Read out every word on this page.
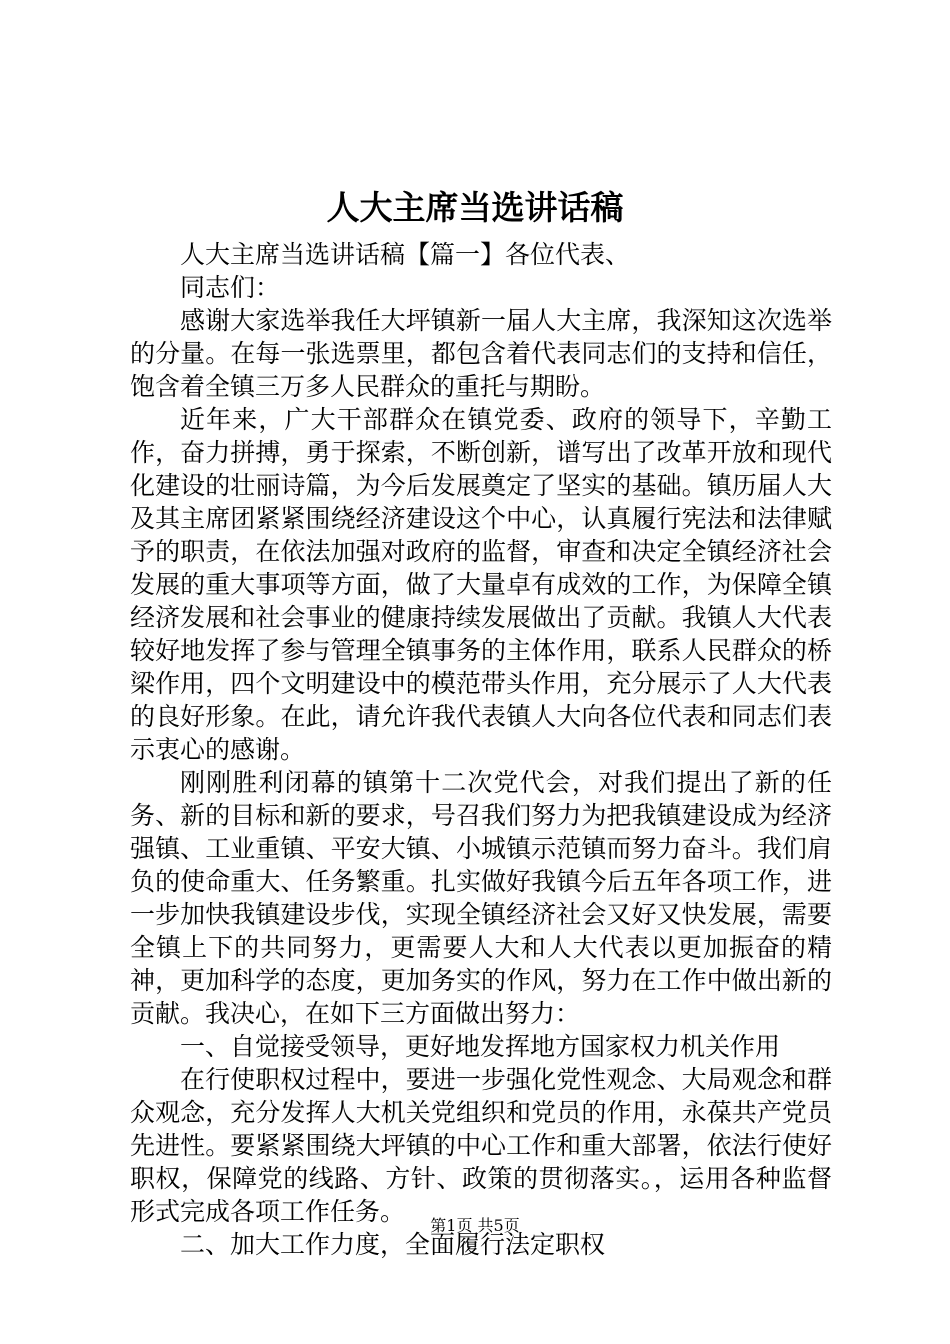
人大主席当选讲话稿

人大主席当选讲话稿【篇一】各位代表、

同志们：

感谢大家选举我任大坪镇新一届人大主席，我深知这次选举的分量。在每一张选票里，都包含着代表同志们的支持和信任，饱含着全镇三万多人民群众的重托与期盼。

近年来，广大干部群众在镇党委、政府的领导下，辛勤工作，奋力拼搏，勇于探索，不断创新，谱写出了改革开放和现代化建设的壮丽诗篇，为今后发展奠定了坚实的基础。镇历届人大及其主席团紧紧围绕经济建设这个中心，认真履行宪法和法律赋予的职责，在依法加强对政府的监督，审查和决定全镇经济社会发展的重大事项等方面，做了大量卓有成效的工作，为保障全镇经济发展和社会事业的健康持续发展做出了贡献。我镇人大代表较好地发挥了参与管理全镇事务的主体作用，联系人民群众的桥梁作用，四个文明建设中的模范带头作用，充分展示了人大代表的良好形象。在此，请允许我代表镇人大向各位代表和同志们表示衷心的感谢。

刚刚胜利闭幕的镇第十二次党代会，对我们提出了新的任务、新的目标和新的要求，号召我们努力为把我镇建设成为经济强镇、工业重镇、平安大镇、小城镇示范镇而努力奋斗。我们肩负的使命重大、任务繁重。扎实做好我镇今后五年各项工作，进一步加快我镇建设步伐，实现全镇经济社会又好又快发展，需要全镇上下的共同努力，更需要人大和人大代表以更加振奋的精神，更加科学的态度，更加务实的作风，努力在工作中做出新的贡献。我决心，在如下三方面做出努力：

一、自觉接受领导，更好地发挥地方国家权力机关作用

在行使职权过程中，要进一步强化党性观念、大局观念和群众观念，充分发挥人大机关党组织和党员的作用，永葆共产党员先进性。要紧紧围绕大坪镇的中心工作和重大部署，依法行使好职权，保障党的线路、方针、政策的贯彻落实。，运用各种监督形式完成各项工作任务。

二、加大工作力度，全面履行法定职权

第1页 共5页
